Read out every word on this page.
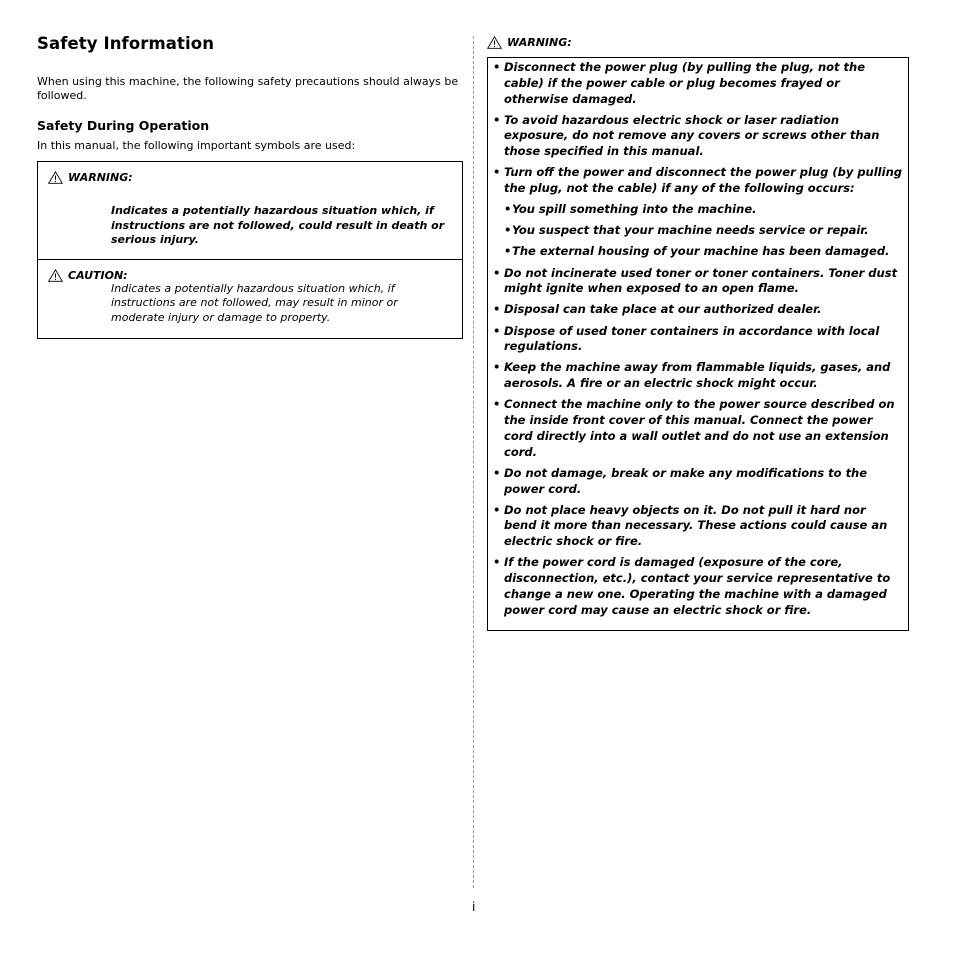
Safety Information

When using this machine, the following safety precautions should always be followed.

Safety During Operation

In this manual, the following important symbols are used:

WARNING:
Indicates a potentially hazardous situation which, if instructions are not followed, could result in death or serious injury.
CAUTION:
Indicates a potentially hazardous situation which, if instructions are not followed, may result in minor or moderate injury or damage to property.
WARNING:
• Disconnect the power plug (by pulling the plug, not the cable) if the power cable or plug becomes frayed or otherwise damaged.
• To avoid hazardous electric shock or laser radiation exposure, do not remove any covers or screws other than those specified in this manual.
• Turn off the power and disconnect the power plug (by pulling the plug, not the cable) if any of the following occurs:
• You spill something into the machine.
• You suspect that your machine needs service or repair.
• The external housing of your machine has been damaged.
• Do not incinerate used toner or toner containers. Toner dust might ignite when exposed to an open flame.
• Disposal can take place at our authorized dealer.
• Dispose of used toner containers in accordance with local regulations.
• Keep the machine away from flammable liquids, gases, and aerosols. A fire or an electric shock might occur.
• Connect the machine only to the power source described on the inside front cover of this manual. Connect the power cord directly into a wall outlet and do not use an extension cord.
• Do not damage, break or make any modifications to the power cord.
• Do not place heavy objects on it. Do not pull it hard nor bend it more than necessary. These actions could cause an electric shock or fire.
• If the power cord is damaged (exposure of the core, disconnection, etc.), contact your service representative to change a new one. Operating the machine with a damaged power cord may cause an electric shock or fire.
i
